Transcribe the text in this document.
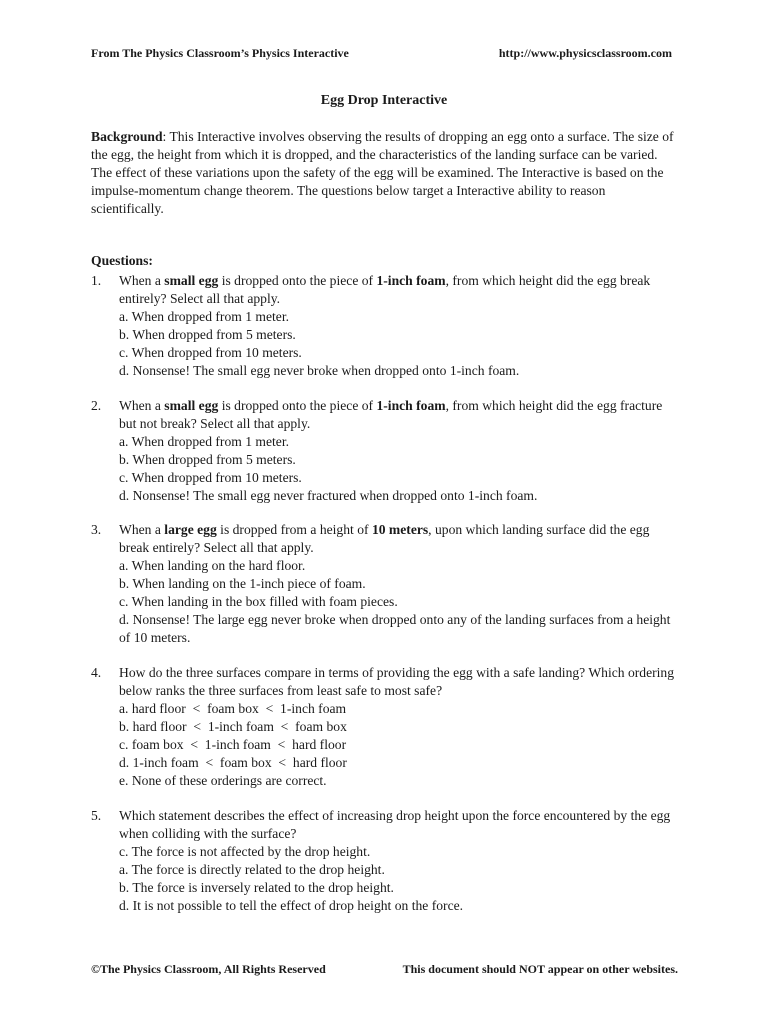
From The Physics Classroom’s Physics Interactive	http://www.physicsclassroom.com
Egg Drop Interactive

Background: This Interactive involves observing the results of dropping an egg onto a surface. The size of the egg, the height from which it is dropped, and the characteristics of the landing surface can be varied. The effect of these variations upon the safety of the egg will be examined. The Interactive is based on the impulse-momentum change theorem. The questions below target a Interactive ability to reason scientifically.

Questions:
1. When a small egg is dropped onto the piece of 1-inch foam, from which height did the egg break entirely? Select all that apply.
a. When dropped from 1 meter.
b. When dropped from 5 meters.
c. When dropped from 10 meters.
d. Nonsense! The small egg never broke when dropped onto 1-inch foam.
2. When a small egg is dropped onto the piece of 1-inch foam, from which height did the egg fracture but not break? Select all that apply.
a. When dropped from 1 meter.
b. When dropped from 5 meters.
c. When dropped from 10 meters.
d. Nonsense! The small egg never fractured when dropped onto 1-inch foam.
3. When a large egg is dropped from a height of 10 meters, upon which landing surface did the egg break entirely? Select all that apply.
a. When landing on the hard floor.
b. When landing on the 1-inch piece of foam.
c. When landing in the box filled with foam pieces.
d. Nonsense! The large egg never broke when dropped onto any of the landing surfaces from a height of 10 meters.
4. How do the three surfaces compare in terms of providing the egg with a safe landing? Which ordering below ranks the three surfaces from least safe to most safe?
a. hard floor  <  foam box  <  1-inch foam
b. hard floor  <  1-inch foam  <  foam box
c. foam box  <  1-inch foam  <  hard floor
d. 1-inch foam  <  foam box  <  hard floor
e. None of these orderings are correct.
5. Which statement describes the effect of increasing drop height upon the force encountered by the egg when colliding with the surface?
c. The force is not affected by the drop height.
a. The force is directly related to the drop height.
b. The force is inversely related to the drop height.
d. It is not possible to tell the effect of drop height on the force.
©The Physics Classroom, All Rights Reserved	This document should NOT appear on other websites.
